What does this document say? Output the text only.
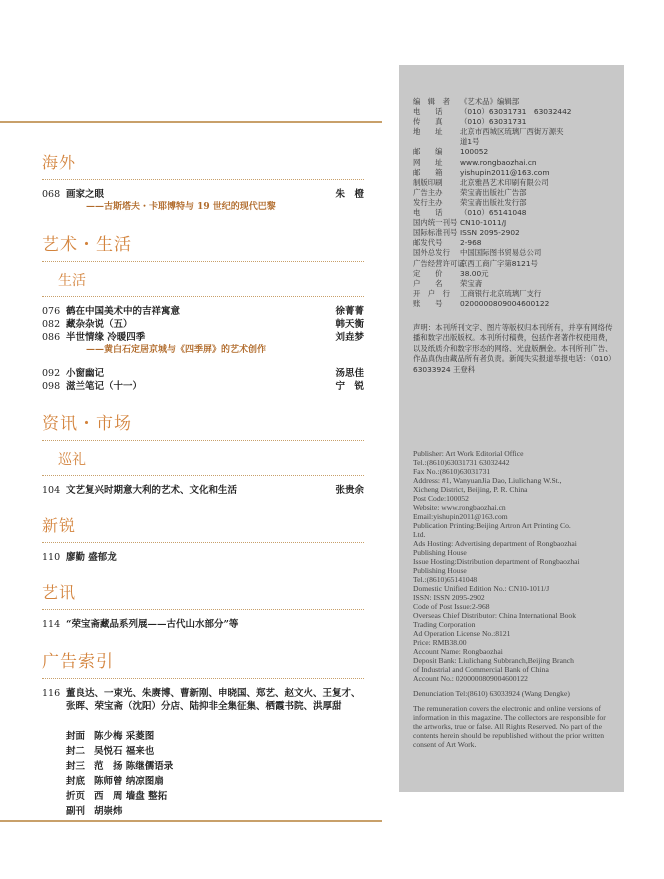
海外
068 画家之眼	朱　橙
——古斯塔夫・卡耶博特与 19 世纪的现代巴黎
艺术・生活
生活
076 鹤在中国美术中的吉祥寓意	徐菁菁
082 藏杂杂说（五）	韩天衡
086 半世情缘 冷暖四季	刘垚梦
——黄白石定居京城与《四季屏》的艺术创作
092 小窗幽记	汤思佳
098 滋兰笔记（十一）	宁　锐
资讯・市场
巡礼
104 文艺复兴时期意大利的艺术、文化和生活	张贵余
新锐
110 廖勤 盛郁龙
艺讯
114 “荣宝斋藏品系列展——古代山水部分”等
广告索引
116 董良达、一束光、朱赓博、曹新刚、申晓国、郑艺、赵文火、王复才、张晖、荣宝斋（沈阳）分店、陆抑非全集征集、栖霞书院、洪厚甜
封面 陈少梅 采菱图
封二 吴悦石 福来也
封三 范　扬 陈继儒语录
封底 陈师曾 纳凉图扇
折页 西　周 墙盘 整拓
副刊 胡崇炜
编　辑　者	《艺术品》编辑部
电　　话	（010）63031731　63032442
传　　真	（010）63031731
地　　址	北京市西城区琉璃厂西街万源夹
道1号
邮　　编	100052
网　　址	www.rongbaozhai.cn
邮　　箱	yishupin2011@163.com
制版印刷	北京雅昌艺术印刷有限公司
广告主办	荣宝斋出版社广告部
发行主办	荣宝斋出版社发行部
电　　话	（010）65141048
国内统一刊号 CN10-1011/J
国际标准刊号 ISSN 2095-2902
邮发代号	2-968
国外总发行	中国国际图书贸易总公司
广告经营许可证
京西工商广字第8121号
定　　价	38.00元
户　　名	荣宝斋
开　户　行	工商银行北京琉璃厂支行
账　　号	0200000809004600122
声明：本刊所刊文字、图片等版权归本刊所有，并享有网络传播和数字出版版权。本刊所付稿费，包括作者著作权使用费，以及纸质介和数字形态的网络、光盘版酬金。本刊所刊广告、作品真伪由藏品所有者负责。新闻失实报道举报电话：（010）63033924 王登科
Publisher: Art Work Editorial Office
Tel.:(8610)63031731 63032442
Fax No.:(8610)63031731
Address: #1, WanyuanJia Dao, Liulichang W.St.,
Xicheng District, Beijing, P. R. China
Post Code:100052
Website: www.rongbaozhai.cn
Email:yishupin2011@163.com
Publication Printing:Beijing Artron Art Printing Co.
Ltd.
Ads Hosting: Advertising department of Rongbaozhai
Publishing House
Issue Hosting:Distribution department of Rongbaozhai
Publishing House
Tel.:(8610)65141048
Domestic Unified Edition No.: CN10-1011/J
ISSN: ISSN 2095-2902
Code of Post Issue:2-968
Overseas Chief Distributor: China International Book
Trading Corporation
Ad Operation License No.:8121
Price: RMB38.00
Account Name: Rongbaozhai
Deposit Bank: Liulichang Subbranch,Beijing Branch
of Industrial and Commercial Bank of China
Account No.: 0200000809004600122
Denunciation Tel:(8610) 63033924 (Wang Dengke)
The remuneration covers the electronic and online versions of information in this magazine. The collectors are responsible for the artworks, true or false. All Rights Reserved. No part of the contents herein should be republished without the prior written consent of Art Work.
